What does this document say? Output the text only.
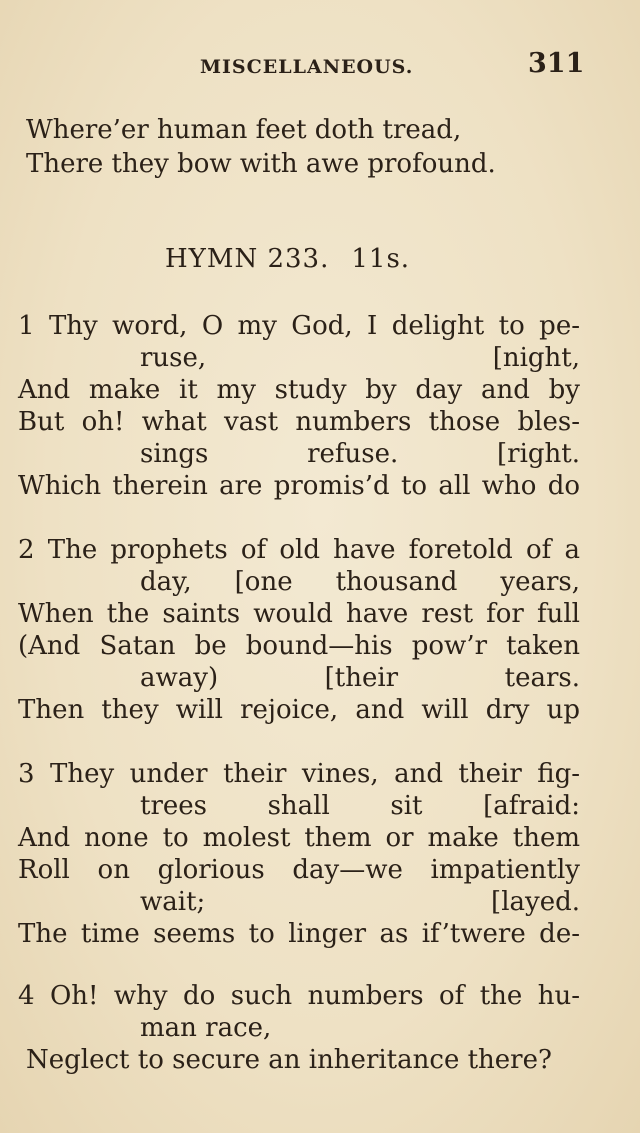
MISCELLANEOUS.	311
Where’er human feet doth tread,
There they bow with awe profound.
HYMN 233. 11s.
1 Thy word, O my God, I delight to pe-
ruse,	[night,
And make it my study by day and by
But oh! what vast numbers those bles-
sings refuse.	[right.
Which therein are promis’d to all who do
2 The prophets of old have foretold of a
day, [one thousand years,
When the saints would have rest for full
(And Satan be bound—his pow’r taken
away)	[their tears.
Then they will rejoice, and will dry up
3 They under their vines, and their fig-
trees shall sit [afraid:
And none to molest them or make them
Roll on glorious day—we impatiently
wait;	[layed.
The time seems to linger as if’twere de-
4 Oh! why do such numbers of the hu-
man race,
Neglect to secure an inheritance there?
